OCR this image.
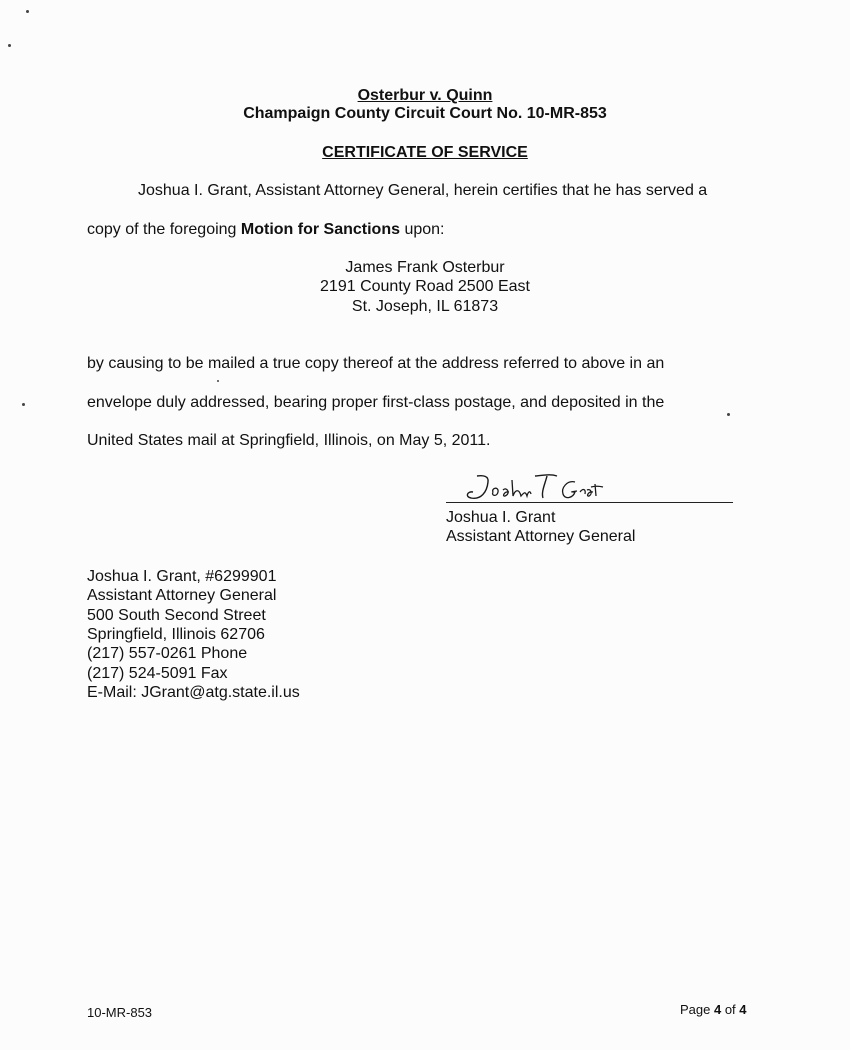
Osterbur v. Quinn
Champaign County Circuit Court No. 10-MR-853
CERTIFICATE OF SERVICE
Joshua I. Grant, Assistant Attorney General, herein certifies that he has served a
copy of the foregoing Motion for Sanctions upon:
James Frank Osterbur
2191 County Road 2500 East
St. Joseph, IL 61873
by causing to be mailed a true copy thereof at the address referred to above in an
envelope duly addressed, bearing proper first-class postage, and deposited in the
United States mail at Springfield, Illinois, on May 5, 2011.
Joshua I. Grant
Assistant Attorney General
Joshua I. Grant, #6299901
Assistant Attorney General
500 South Second Street
Springfield, Illinois 62706
(217) 557-0261 Phone
(217) 524-5091 Fax
E-Mail: JGrant@atg.state.il.us
10-MR-853	Page 4 of 4
